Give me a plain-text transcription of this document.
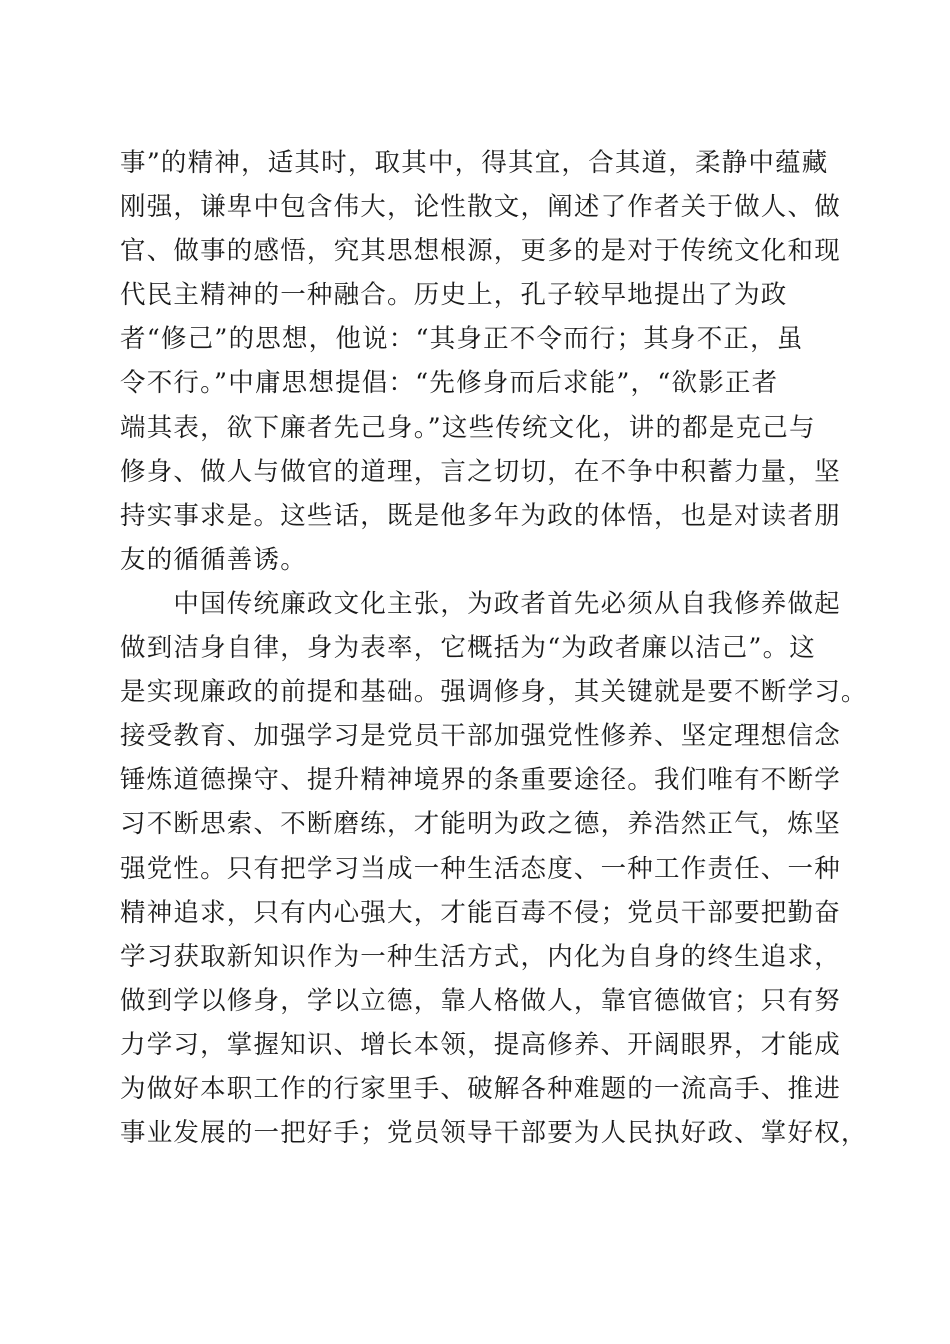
事”的精神，适其时，取其中，得其宜，合其道，柔静中蕴藏
刚强，谦卑中包含伟大，论性散文，阐述了作者关于做人、做
官、做事的感悟，究其思想根源，更多的是对于传统文化和现
代民主精神的一种融合。历史上，孔子较早地提出了为政
者“修己”的思想，他说：“其身正不令而行；其身不正，虽
令不行。”中庸思想提倡：“先修身而后求能”，“欲影正者
端其表，欲下廉者先己身。”这些传统文化，讲的都是克己与
修身、做人与做官的道理，言之切切，在不争中积蓄力量，坚
持实事求是。这些话，既是他多年为政的体悟，也是对读者朋
友的循循善诱。
　　中国传统廉政文化主张，为政者首先必须从自我修养做起
做到洁身自律，身为表率，它概括为“为政者廉以洁己”。这
是实现廉政的前提和基础。强调修身，其关键就是要不断学习。
接受教育、加强学习是党员干部加强党性修养、坚定理想信念
锤炼道德操守、提升精神境界的条重要途径。我们唯有不断学
习不断思索、不断磨练，才能明为政之德，养浩然正气，炼坚
强党性。只有把学习当成一种生活态度、一种工作责任、一种
精神追求，只有内心强大，才能百毒不侵；党员干部要把勤奋
学习获取新知识作为一种生活方式，内化为自身的终生追求，
做到学以修身，学以立德，靠人格做人，靠官德做官；只有努
力学习，掌握知识、增长本领，提高修养、开阔眼界，才能成
为做好本职工作的行家里手、破解各种难题的一流高手、推进
事业发展的一把好手；党员领导干部要为人民执好政、掌好权，
